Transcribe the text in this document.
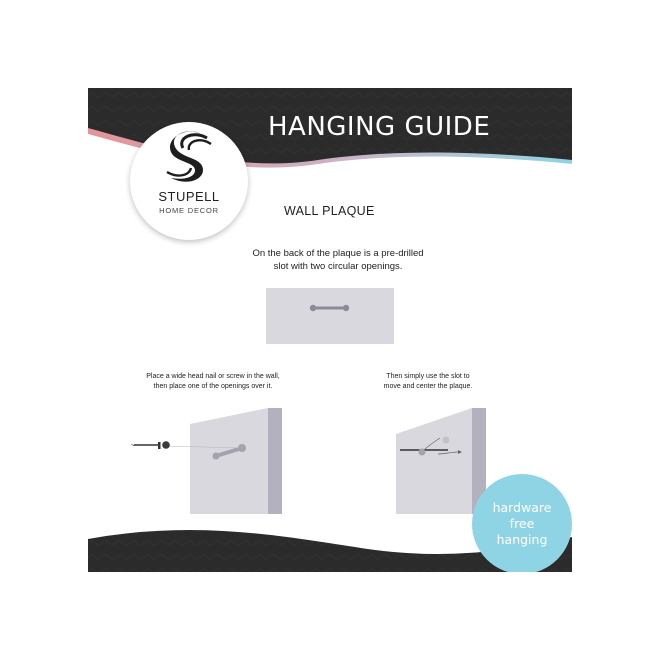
HANGING GUIDE
STUPELL
HOME DECOR	WALL PLAQUE
On the back of the plaque is a pre-drilled
slot with two circular openings.
Place a wide head nail or screw in the wall,
then place one of the openings over it.
Then simply use the slot to
move and center the plaque.
hardware
free
hanging
